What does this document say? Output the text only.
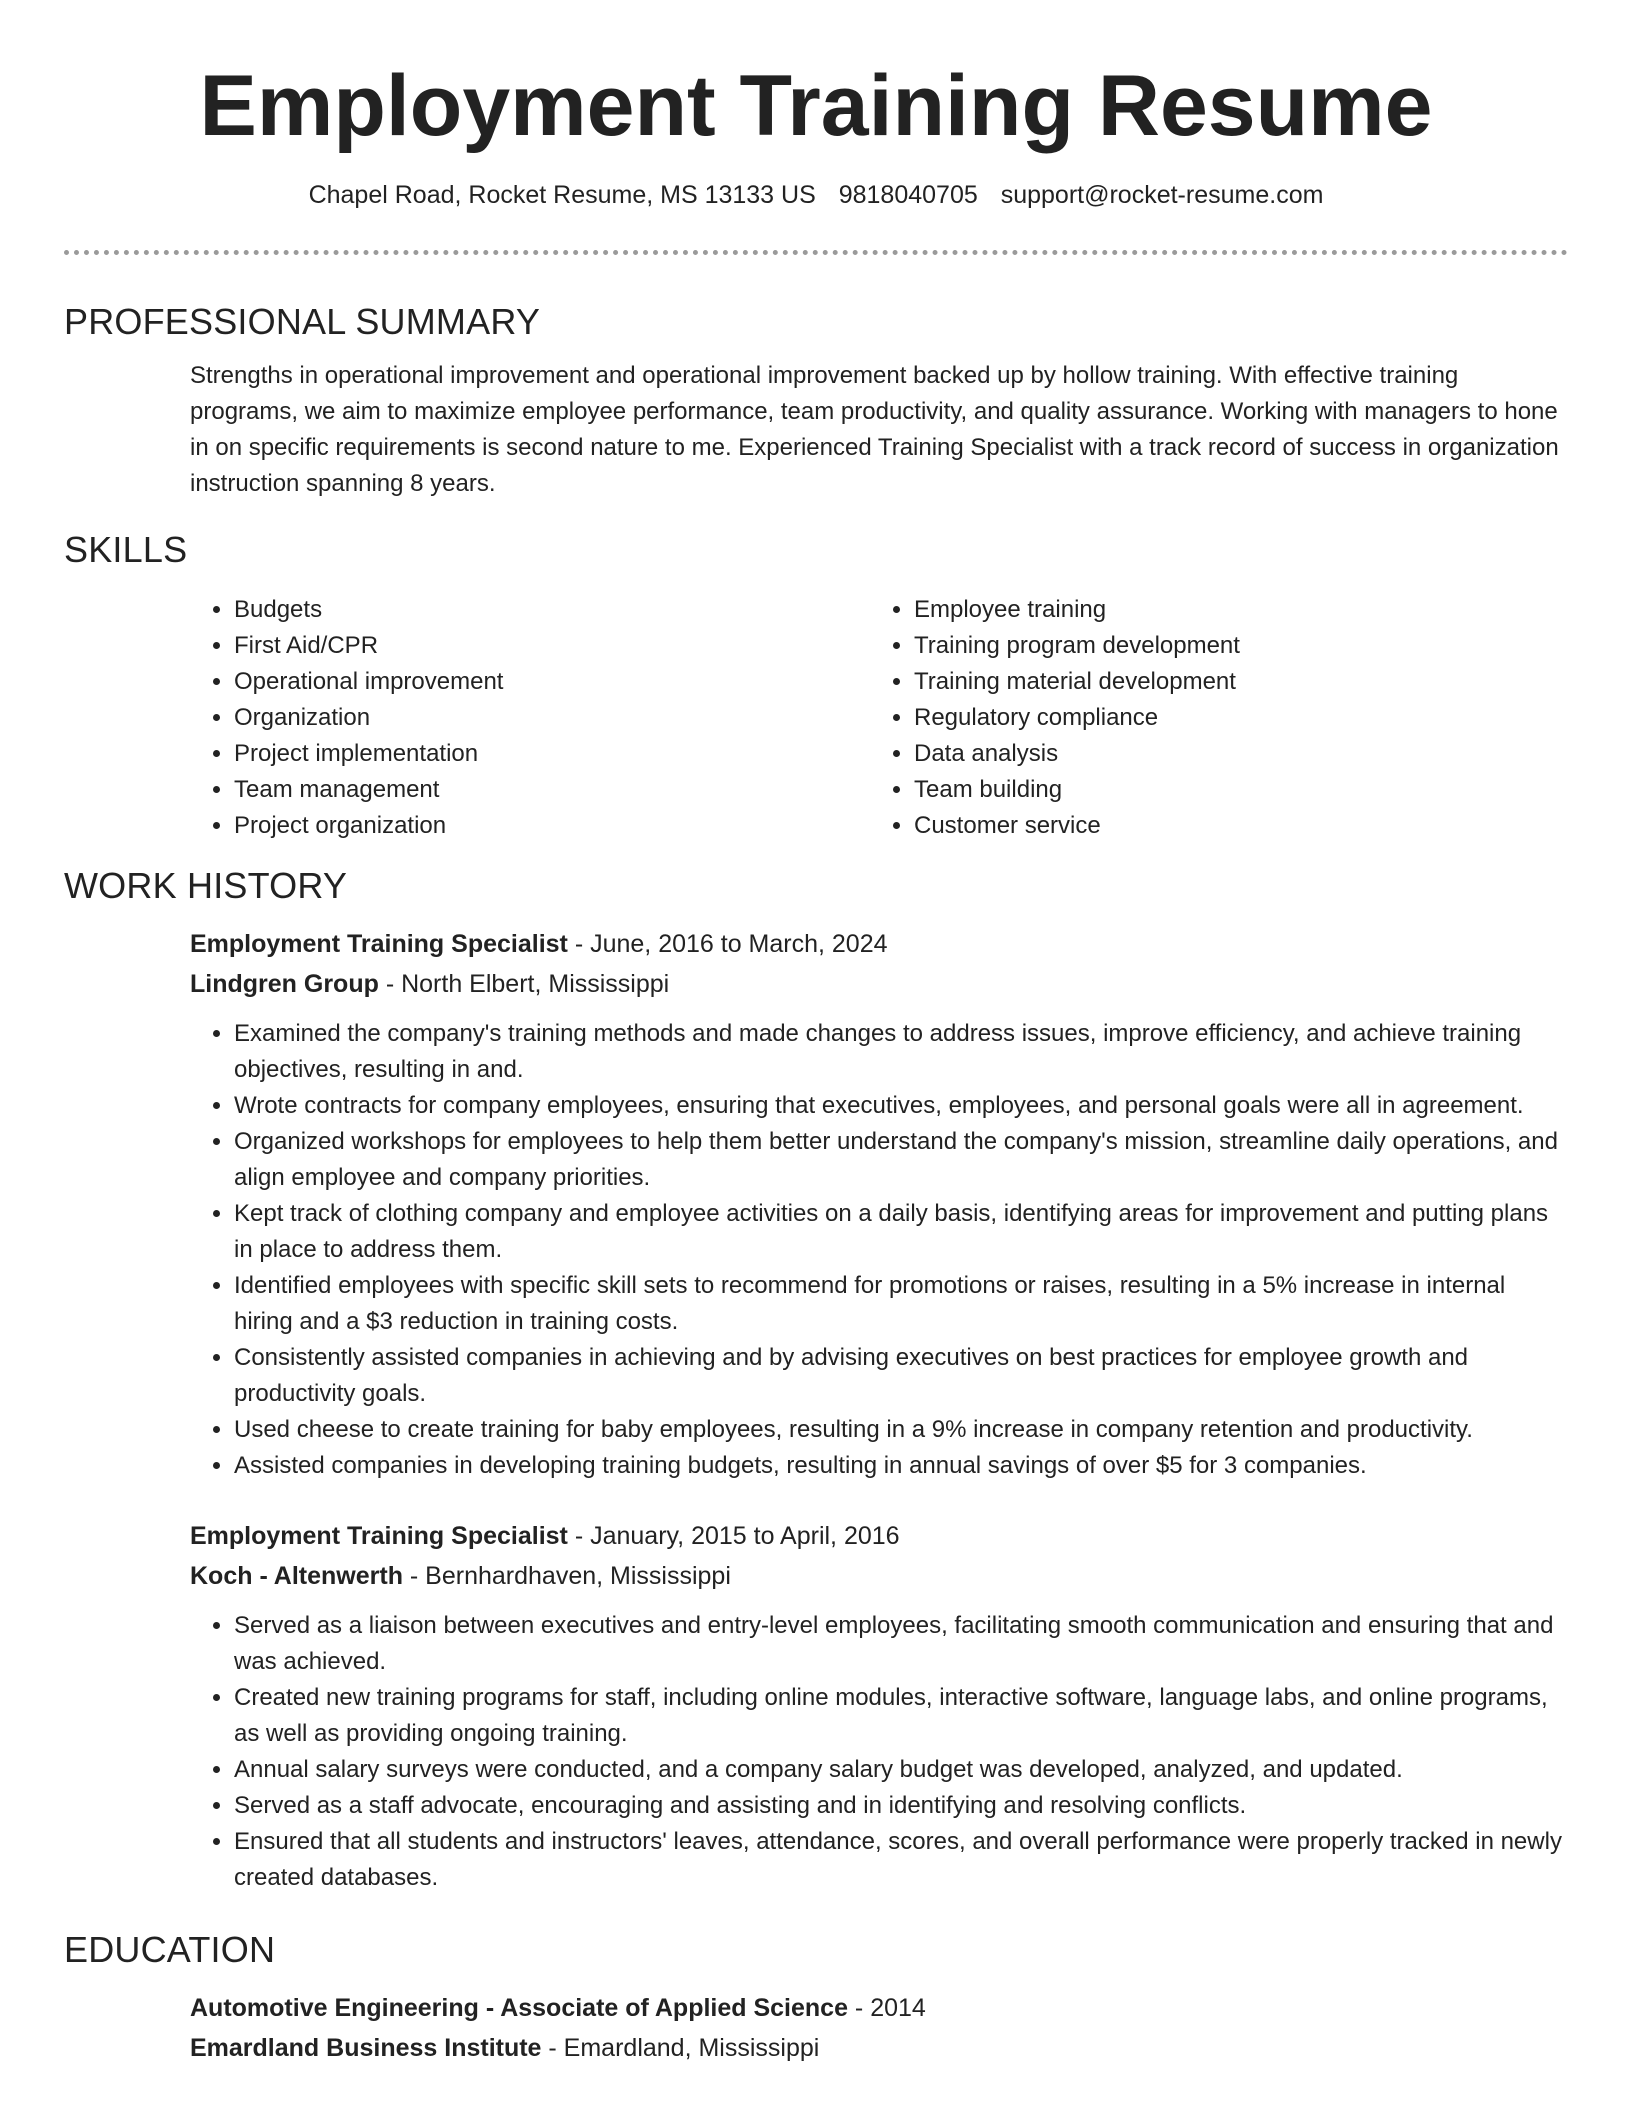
Employment Training Resume
Chapel Road, Rocket Resume, MS 13133 US 9818040705 support@rocket-resume.com
PROFESSIONAL SUMMARY
Strengths in operational improvement and operational improvement backed up by hollow training. With effective training programs, we aim to maximize employee performance, team productivity, and quality assurance. Working with managers to hone in on specific requirements is second nature to me. Experienced Training Specialist with a track record of success in organization instruction spanning 8 years.
SKILLS
• Budgets
• First Aid/CPR
• Operational improvement
• Organization
• Project implementation
• Team management
• Project organization
• Employee training
• Training program development
• Training material development
• Regulatory compliance
• Data analysis
• Team building
• Customer service
WORK HISTORY
Employment Training Specialist - June, 2016 to March, 2024
Lindgren Group - North Elbert, Mississippi
• Examined the company's training methods and made changes to address issues, improve efficiency, and achieve training objectives, resulting in and.
• Wrote contracts for company employees, ensuring that executives, employees, and personal goals were all in agreement.
• Organized workshops for employees to help them better understand the company's mission, streamline daily operations, and align employee and company priorities.
• Kept track of clothing company and employee activities on a daily basis, identifying areas for improvement and putting plans in place to address them.
• Identified employees with specific skill sets to recommend for promotions or raises, resulting in a 5% increase in internal hiring and a $3 reduction in training costs.
• Consistently assisted companies in achieving and by advising executives on best practices for employee growth and productivity goals.
• Used cheese to create training for baby employees, resulting in a 9% increase in company retention and productivity.
• Assisted companies in developing training budgets, resulting in annual savings of over $5 for 3 companies.
Employment Training Specialist - January, 2015 to April, 2016
Koch - Altenwerth - Bernhardhaven, Mississippi
• Served as a liaison between executives and entry-level employees, facilitating smooth communication and ensuring that and was achieved.
• Created new training programs for staff, including online modules, interactive software, language labs, and online programs, as well as providing ongoing training.
• Annual salary surveys were conducted, and a company salary budget was developed, analyzed, and updated.
• Served as a staff advocate, encouraging and assisting and in identifying and resolving conflicts.
• Ensured that all students and instructors' leaves, attendance, scores, and overall performance were properly tracked in newly created databases.
EDUCATION
Automotive Engineering - Associate of Applied Science - 2014
Emardland Business Institute - Emardland, Mississippi
